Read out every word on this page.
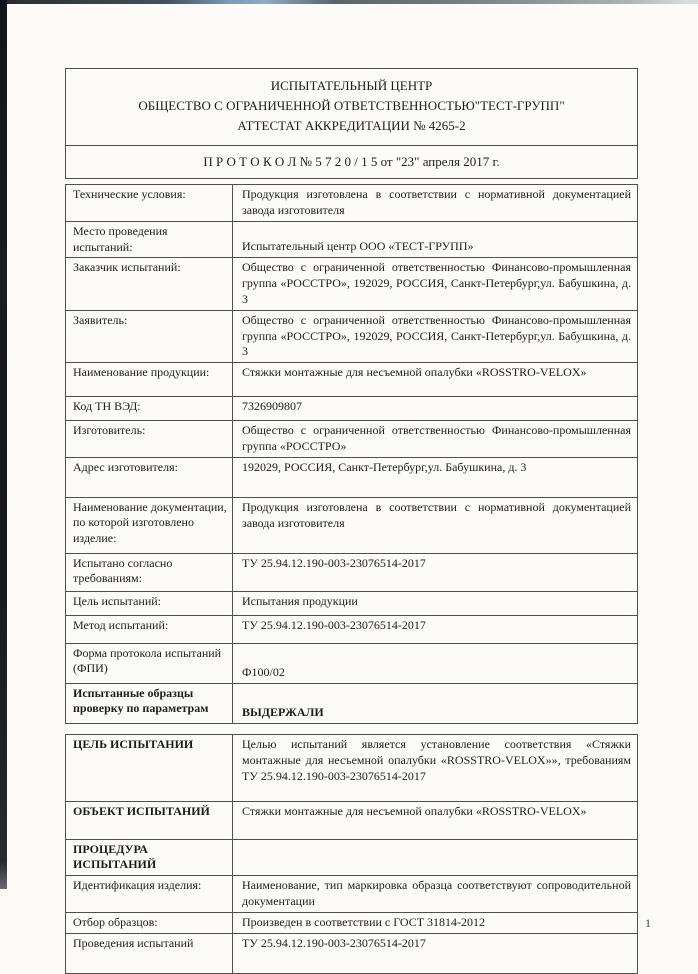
ИСПЫТАТЕЛЬНЫЙ ЦЕНТР
ОБЩЕСТВО С ОГРАНИЧЕННОЙ ОТВЕТСТВЕННОСТЬЮ"ТЕСТ-ГРУПП"
АТТЕСТАТ АККРЕДИТАЦИИ № 4265-2
П Р О Т О К О Л № 5 7 2 0 / 1 5 от "23" апреля 2017 г.
Технические условия:	Продукция изготовлена в соответствии с нормативной документацией завода изготовителя
Место проведения испытаний:	Испытательный центр ООО «ТЕСТ-ГРУПП»
Заказчик испытаний:	Общество с ограниченной ответственностью Финансово-промышленная группа «РОССТРО», 192029, РОССИЯ, Санкт-Петербург,ул. Бабушкина, д. 3
Заявитель:	Общество с ограниченной ответственностью Финансово-промышленная группа «РОССТРО», 192029, РОССИЯ, Санкт-Петербург,ул. Бабушкина, д. 3
Наименование продукции:	Стяжки монтажные для несъемной опалубки «ROSSTRO-VELOX»
Код ТН ВЭД:	7326909807
Изготовитель:	Общество с ограниченной ответственностью Финансово-промышленная группа «РОССТРО»
Адрес изготовителя:	192029, РОССИЯ, Санкт-Петербург,ул. Бабушкина, д. 3
Наименование документации, по которой изготовлено изделие:
Продукция изготовлена в соответствии с нормативной документацией завода изготовителя
Испытано согласно требованиям:
ТУ 25.94.12.190-003-23076514-2017
Цель испытаний:	Испытания продукции
Метод испытаний:	ТУ 25.94.12.190-003-23076514-2017
Форма протокола испытаний (ФПИ)	Ф100/02
Испытанные образцы проверку по параметрам	ВЫДЕРЖАЛИ
ЦЕЛЬ ИСПЫТАНИИ	Целью испытаний является установление соответствия «Стяжки монтажные для несъемной опалубки «ROSSTRO-VELOX»», требованиям ТУ 25.94.12.190-003-23076514-2017
ОБЪЕКТ ИСПЫТАНИЙ	Стяжки монтажные для несъемной опалубки «ROSSTRO-VELOX»
ПРОЦЕДУРА ИСПЫТАНИЙ
Идентификация изделия:	Наименование, тип маркировка образца соответствуют сопроводительной документации
Отбор образцов:	Произведен в соответствии с ГОСТ 31814-2012
Проведения испытаний	ТУ 25.94.12.190-003-23076514-2017
1
